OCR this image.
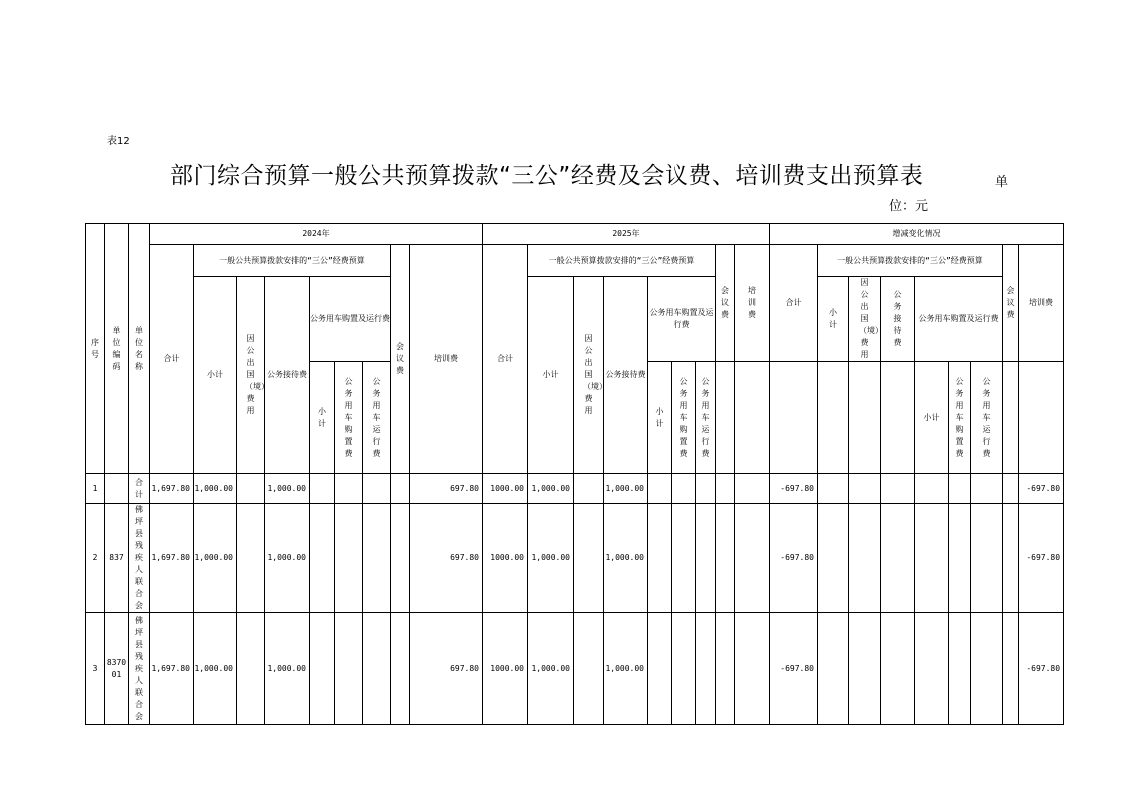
表12
部门综合预算一般公共预算拨款“三公”经费及会议费、培训费支出预算表	单
位：元
序号	单位编码	单位名称	2024年									2025年									增减变化情况								
			合计	一般公共预算拨款安排的“三公”经费预算						会议费	培训费	合计	一般公共预算拨款安排的“三公”经费预算						会议费	培训费	合计	一般公共预算拨款安排的“三公”经费预算						会议费	培训费
				小计	因公出国（境）费用	公务接待费	公务用车购置及运行费						小计	因公出国（境）费用	公务接待费	公务用车购置及运行费						小计	因公出国（境）费用	公务接待费	公务用车购置及运行费				
							小计	公务用车购置费	公务用车运行费							小计	公务用车购置费	公务用车运行费							小计	公务用车购置费	公务用车运行费		
1		合计	1,697.80	1,000.00		1,000.00					697.80	1000.00	1,000.00		1,000.00						-697.80								-697.80
2	837	佛坪县残疾人联合会	1,697.80	1,000.00		1,000.00					697.80	1000.00	1,000.00		1,000.00						-697.80								-697.80
3	837001	佛坪县残疾人联合会	1,697.80	1,000.00		1,000.00					697.80	1000.00	1,000.00		1,000.00						-697.80								-697.80
